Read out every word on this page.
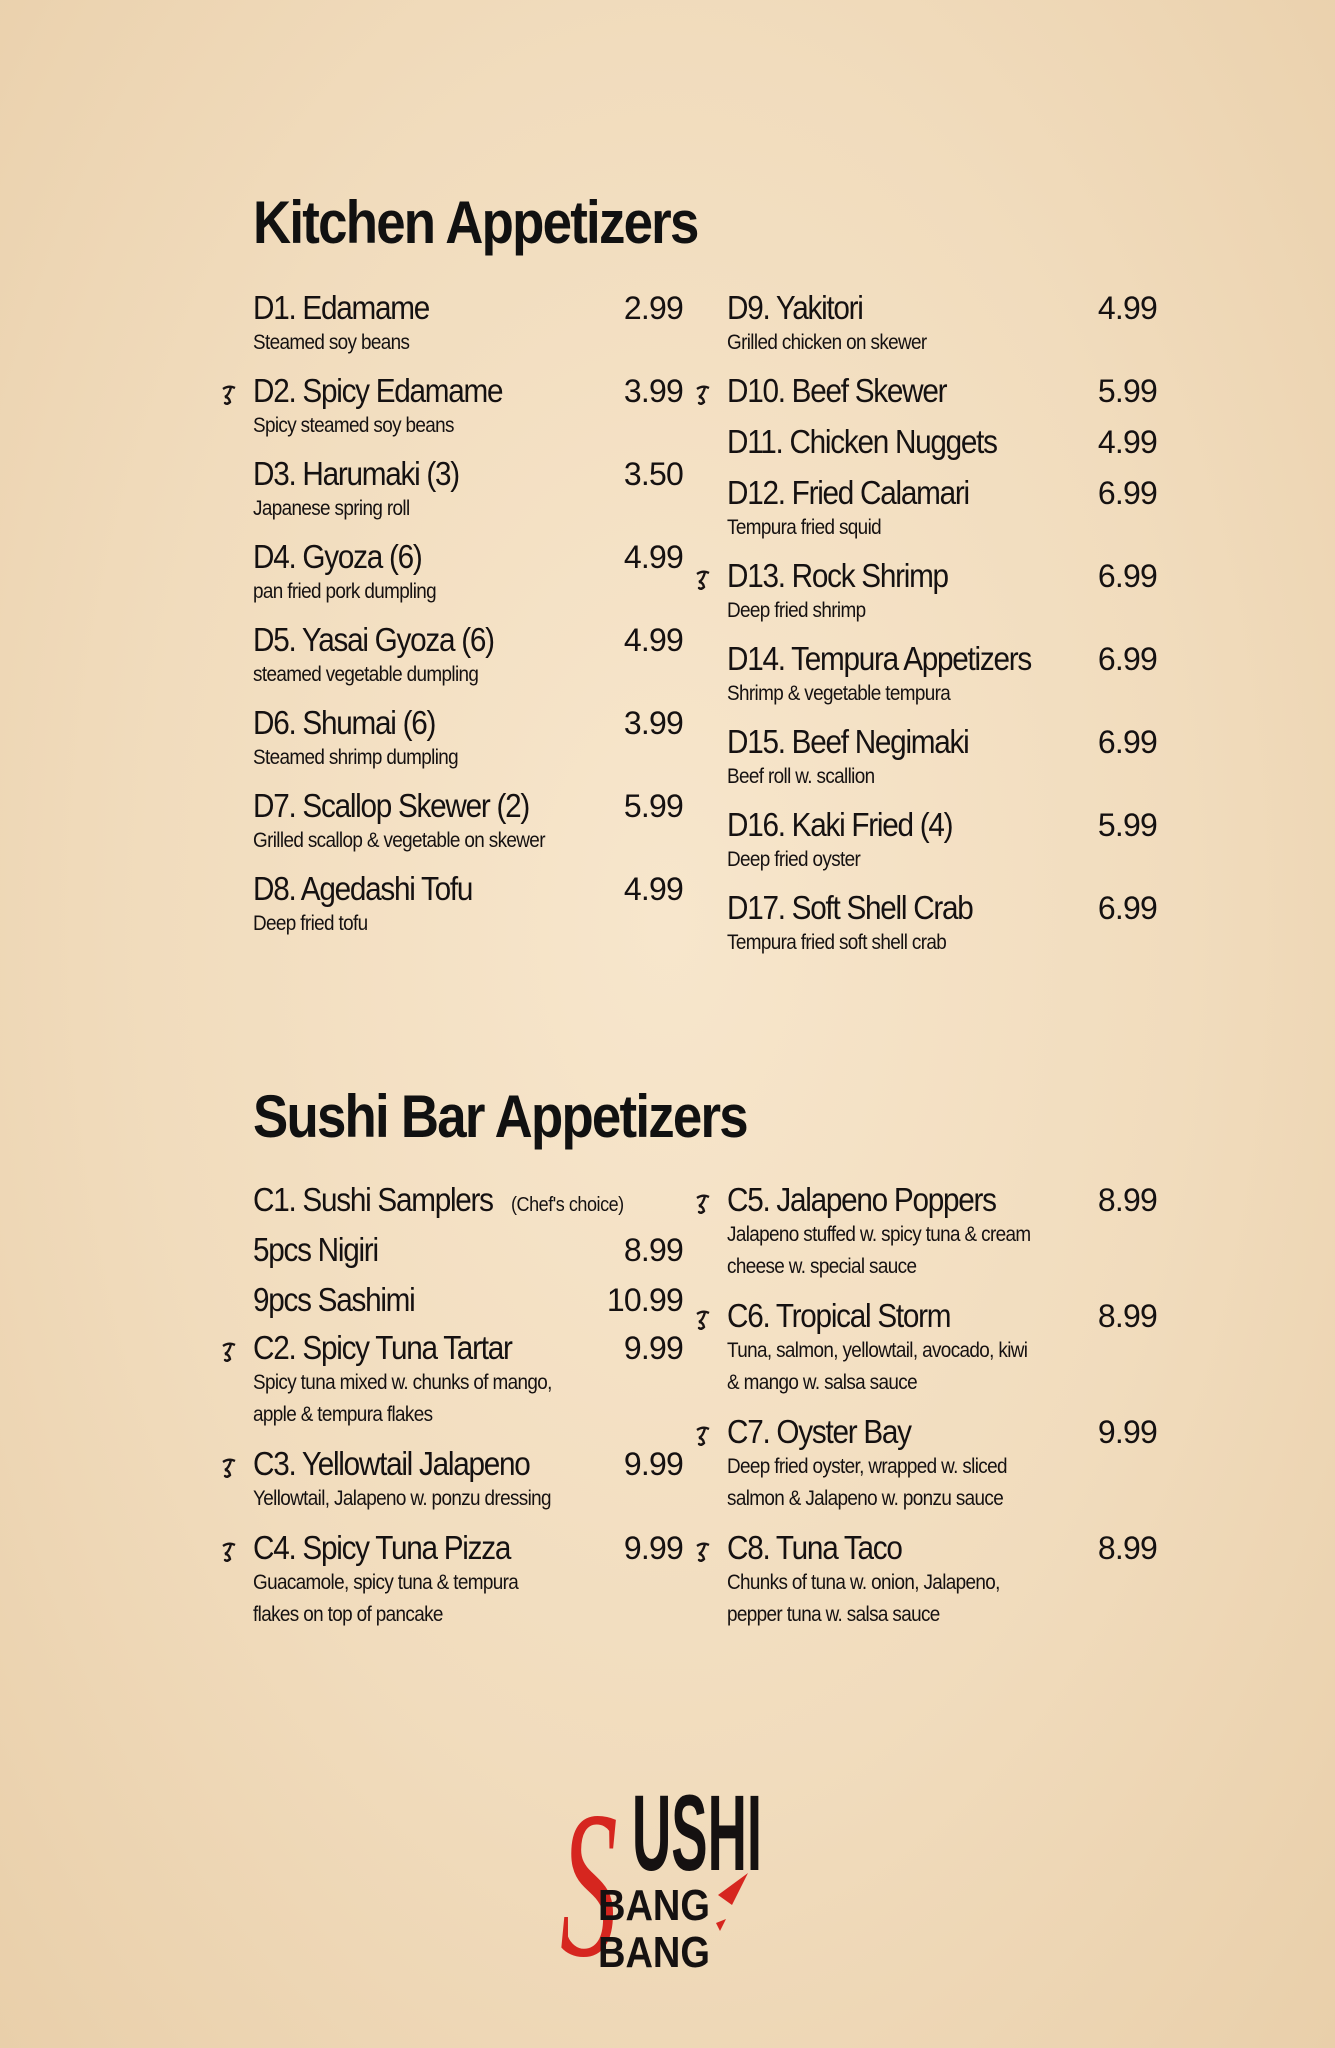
Kitchen Appetizers
D1. Edamame	2.99
Steamed soy beans
D2. Spicy Edamame	3.99
Spicy steamed soy beans
D3. Harumaki (3)	3.50
Japanese spring roll
D4. Gyoza (6)	4.99
pan fried pork dumpling
D5. Yasai Gyoza (6)	4.99
steamed vegetable dumpling
D6. Shumai (6)	3.99
Steamed shrimp dumpling
D7. Scallop Skewer (2)	5.99
Grilled scallop & vegetable on skewer
D8. Agedashi Tofu	4.99
Deep fried tofu
D9. Yakitori	4.99
Grilled chicken on skewer
D10. Beef Skewer	5.99
D11. Chicken Nuggets	4.99
D12. Fried Calamari	6.99
Tempura fried squid
D13. Rock Shrimp	6.99
Deep fried shrimp
D14. Tempura Appetizers 6.99
Shrimp & vegetable tempura
D15. Beef Negimaki	6.99
Beef roll w. scallion
D16. Kaki Fried (4)	5.99
Deep fried oyster
D17. Soft Shell Crab	6.99
Tempura fried soft shell crab
Sushi Bar Appetizers
C1. Sushi Samplers (Chef's choice)
5pcs Nigiri	8.99
9pcs Sashimi	10.99
C2. Spicy Tuna Tartar	9.99
Spicy tuna mixed w. chunks of mango,
apple & tempura flakes
C3. Yellowtail Jalapeno	9.99
Yellowtail, Jalapeno w. ponzu dressing
C4. Spicy Tuna Pizza	9.99
Guacamole, spicy tuna & tempura
flakes on top of pancake
C5. Jalapeno Poppers	8.99
Jalapeno stuffed w. spicy tuna & cream
cheese w. special sauce
C6. Tropical Storm	8.99
Tuna, salmon, yellowtail, avocado, kiwi
& mango w. salsa sauce
C7. Oyster Bay	9.99
Deep fried oyster, wrapped w. sliced
salmon & Jalapeno w. ponzu sauce
C8. Tuna Taco	8.99
Chunks of tuna w. onion, Jalapeno,
pepper tuna w. salsa sauce
S USHI
BANG
BANG
